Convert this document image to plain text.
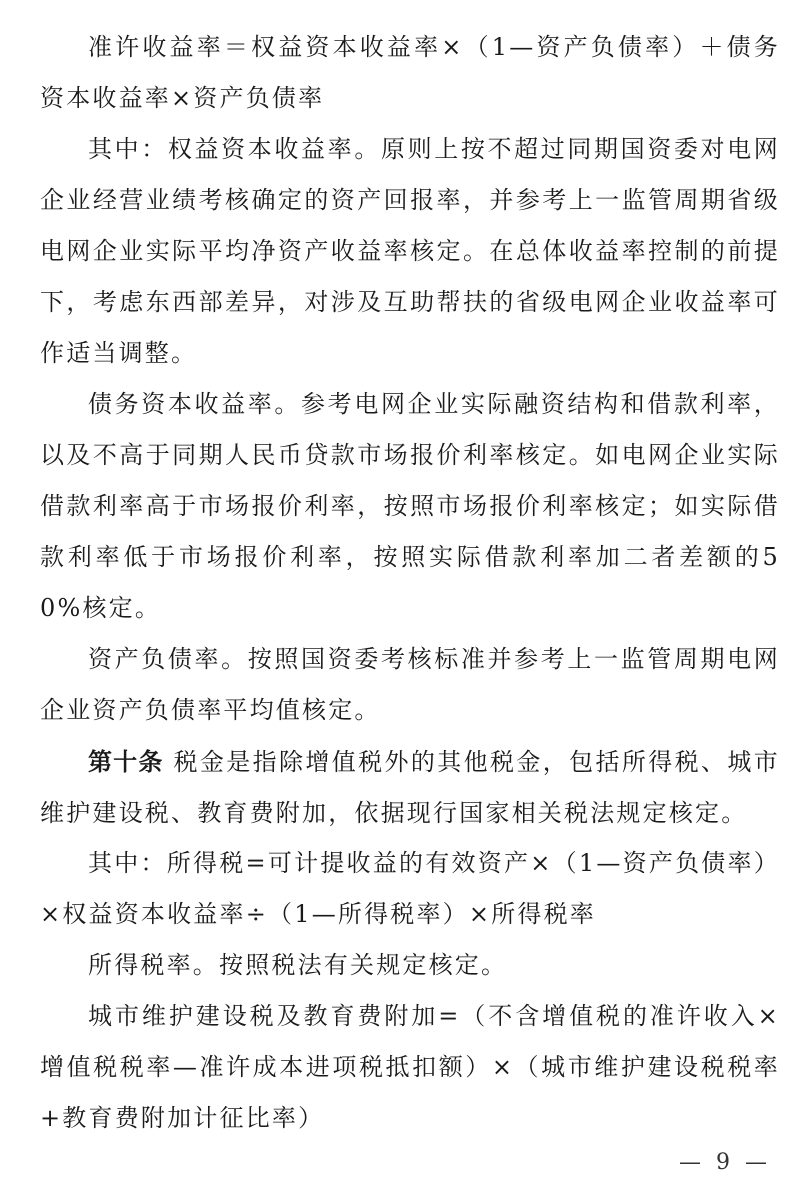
准许收益率＝权益资本收益率×（1—资产负债率）＋债务资本收益率×资产负债率

其中：权益资本收益率。原则上按不超过同期国资委对电网企业经营业绩考核确定的资产回报率，并参考上一监管周期省级电网企业实际平均净资产收益率核定。在总体收益率控制的前提下，考虑东西部差异，对涉及互助帮扶的省级电网企业收益率可作适当调整。

债务资本收益率。参考电网企业实际融资结构和借款利率，以及不高于同期人民币贷款市场报价利率核定。如电网企业实际借款利率高于市场报价利率，按照市场报价利率核定；如实际借款利率低于市场报价利率，按照实际借款利率加二者差额的50%核定。

资产负债率。按照国资委考核标准并参考上一监管周期电网企业资产负债率平均值核定。

第十条 税金是指除增值税外的其他税金，包括所得税、城市维护建设税、教育费附加，依据现行国家相关税法规定核定。

其中：所得税=可计提收益的有效资产×（1—资产负债率）×权益资本收益率÷（1—所得税率）×所得税率

所得税率。按照税法有关规定核定。

城市维护建设税及教育费附加=（不含增值税的准许收入×增值税税率—准许成本进项税抵扣额）×（城市维护建设税税率+教育费附加计征比率）

— 9 —
